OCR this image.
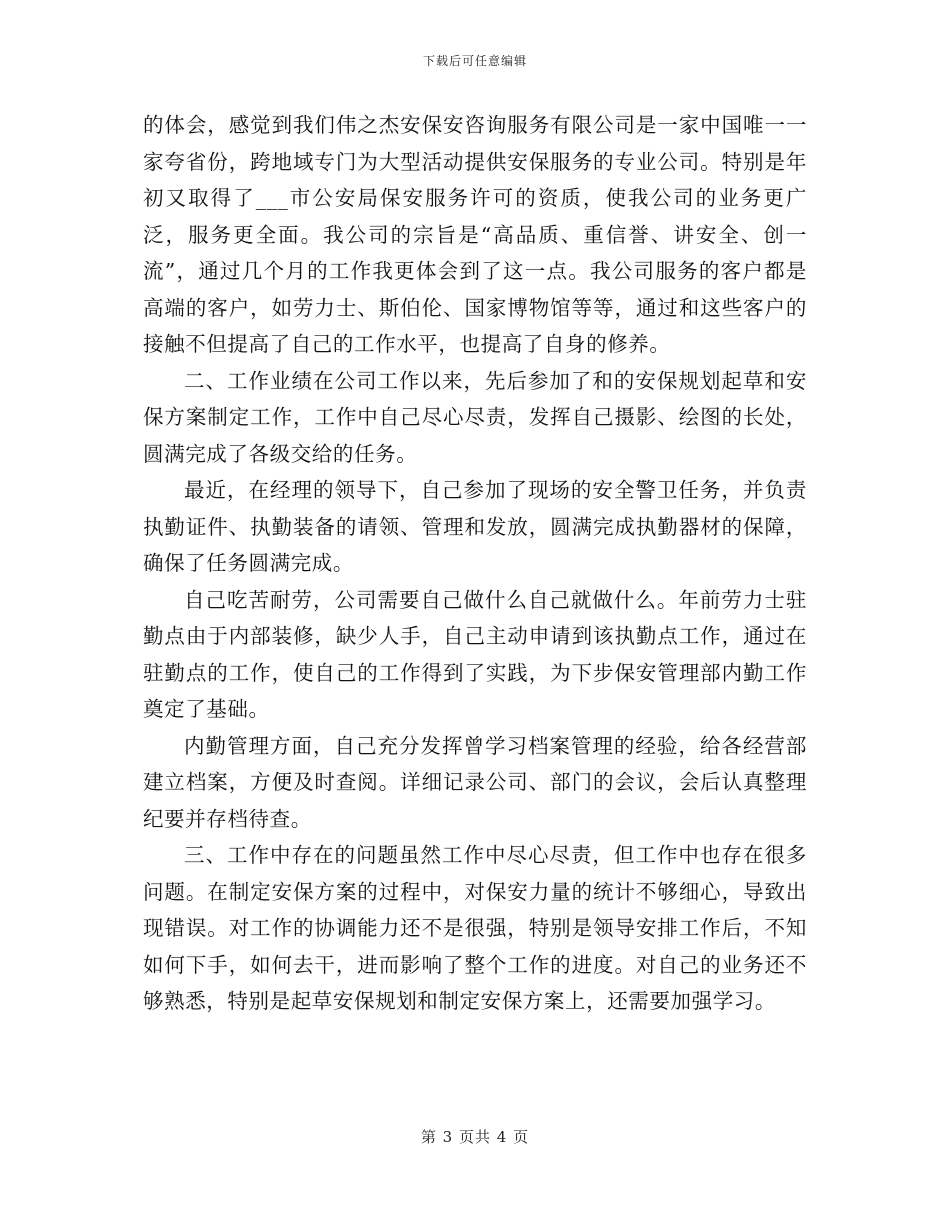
下载后可任意编辑

的体会，感觉到我们伟之杰安保安咨询服务有限公司是一家中国唯一一家夸省份，跨地域专门为大型活动提供安保服务的专业公司。特别是年初又取得了___市公安局保安服务许可的资质，使我公司的业务更广泛，服务更全面。我公司的宗旨是“高品质、重信誉、讲安全、创一流”，通过几个月的工作我更体会到了这一点。我公司服务的客户都是高端的客户，如劳力士、斯伯伦、国家博物馆等等，通过和这些客户的接触不但提高了自己的工作水平，也提高了自身的修养。

二、工作业绩在公司工作以来，先后参加了和的安保规划起草和安保方案制定工作，工作中自己尽心尽责，发挥自己摄影、绘图的长处，圆满完成了各级交给的任务。

最近，在经理的领导下，自己参加了现场的安全警卫任务，并负责执勤证件、执勤装备的请领、管理和发放，圆满完成执勤器材的保障，确保了任务圆满完成。

自己吃苦耐劳，公司需要自己做什么自己就做什么。年前劳力士驻勤点由于内部装修，缺少人手，自己主动申请到该执勤点工作，通过在驻勤点的工作，使自己的工作得到了实践，为下步保安管理部内勤工作奠定了基础。

内勤管理方面，自己充分发挥曾学习档案管理的经验，给各经营部建立档案，方便及时查阅。详细记录公司、部门的会议，会后认真整理纪要并存档待查。

三、工作中存在的问题虽然工作中尽心尽责，但工作中也存在很多问题。在制定安保方案的过程中，对保安力量的统计不够细心，导致出现错误。对工作的协调能力还不是很强，特别是领导安排工作后，不知如何下手，如何去干，进而影响了整个工作的进度。对自己的业务还不够熟悉，特别是起草安保规划和制定安保方案上，还需要加强学习。

第 3 页共 4 页
